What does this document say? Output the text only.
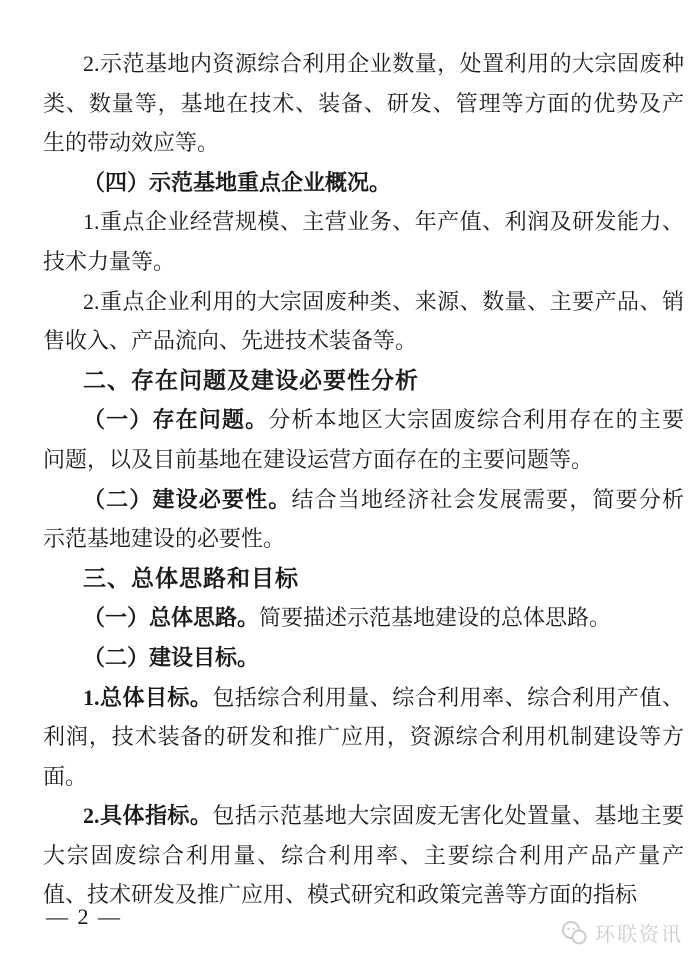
2.示范基地内资源综合利用企业数量，处置利用的大宗固废种
类、数量等，基地在技术、装备、研发、管理等方面的优势及产
生的带动效应等。
（四）示范基地重点企业概况。
1.重点企业经营规模、主营业务、年产值、利润及研发能力、
技术力量等。
2.重点企业利用的大宗固废种类、来源、数量、主要产品、销
售收入、产品流向、先进技术装备等。
二、存在问题及建设必要性分析
（一）存在问题。分析本地区大宗固废综合利用存在的主要
问题，以及目前基地在建设运营方面存在的主要问题等。
（二）建设必要性。结合当地经济社会发展需要，简要分析
示范基地建设的必要性。
三、总体思路和目标
（一）总体思路。简要描述示范基地建设的总体思路。
（二）建设目标。
1.总体目标。包括综合利用量、综合利用率、综合利用产值、
利润，技术装备的研发和推广应用，资源综合利用机制建设等方
面。
2.具体指标。包括示范基地大宗固废无害化处置量、基地主要
大宗固废综合利用量、综合利用率、主要综合利用产品产量产
值、技术研发及推广应用、模式研究和政策完善等方面的指标
— 2 —
环联资讯
